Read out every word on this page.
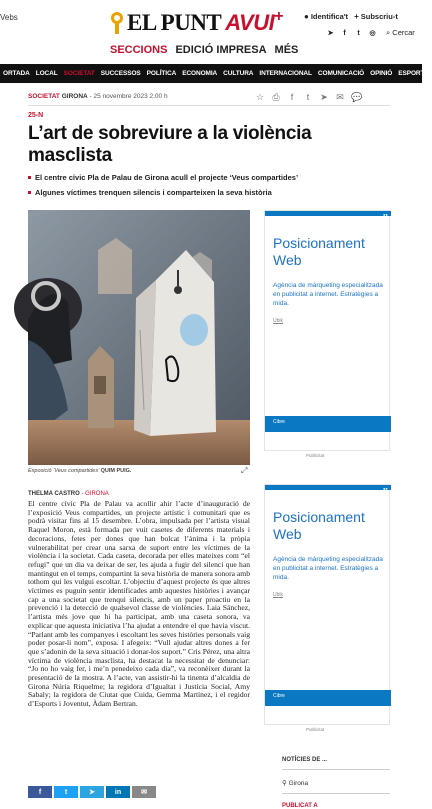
Vebs	EL PUNT AVUI +	● Identifica't + Subscriu-t
➤	f	t	◎ ⌕ Cercar
SECCIONS EDICIÓ IMPRESA MÉS
ORTADA LOCAL SOCIETAT SUCCESSOS POLÍTICA ECONOMIA CULTURA INTERNACIONAL COMUNICACIÓ OPINIÓ ESPORTS
SOCIETAT GIRONA - 25 novembre 2023 2.00 h	☆ ⎙	f	t	➤ ✉ 💬
25-N
L’art de sobreviure a la violència masclista
El centre cívic Pla de Palau de Girona acull el projecte ‘Veus compartides’
Algunes víctimes trenquen silencis i comparteixen la seva història
Exposició ‘Veus compartides’ QUIM PUIG.	⤢
THELMA CASTRO - GIRONA
El centre cívic Pla de Palau va acollir ahir l’acte d’inauguració de l’exposició Veus compartides, un projecte artístic i comunitari que es podrà visitar fins al 15 desembre. L’obra, impulsada per l’artista visual Raquel Moron, està formada per vuit casetes de diferents materials i decoracions, fetes per dones que han bolcat l’ànima i la pròpia vulnerabilitat per crear una sarxa de suport entre les víctimes de la violència i la societat. Cada caseta, decorada per elles mateixes com “el refugi” que un dia va deixar de ser, les ajuda a fugir del silenci que han mantingut en el temps, compartint la seva història de manera sonora amb tothom qui les vulgui escoltar. L’objectiu d’aquest projecte és que altres víctimes es puguin sentir identificades amb aquestes històries i avançar cap a una societat que trenqui silencis, amb un paper proactiu en la prevenció i la detecció de qualsevol classe de violències. Laia Sánchez, l’artista més jove que hi ha participat, amb una caseta sonora, va explicar que aquesta iniciativa l’ha ajudat a entendre el que havia viscut. “Parlant amb les companyes i escoltant les seves històries personals vaig poder posar-li nom”, exposa. I afegeix: “Vull ajudar altres dones a fer que s’adonin de la seva situació i donar-los suport.” Cris Pérez, una altra víctima de violència masclista, ha destacat la necessitat de denunciar: “Jo no ho vaig fer, i me’n penedeixo cada dia”, va reconèixer durant la presentació de la mostra. A l’acte, van assistir-hi la tinenta d’alcaldia de Girona Núria Riquelme; la regidora d’Igualtat i Justícia Social, Amy Sabaly; la regidora de Ciutat que Cuida, Gemma Martínez, i el regidor d’Esports i Joventut, Àdam Bertran.
f	t	➤	in	✉
●●
Posicionament Web
Agència de màrqueting especialitzada en publicitat a internet. Estratègies a mida.
Ubik
Cibre
Publicitat
●●
Posicionament Web
Agència de màrqueting especialitzada en publicitat a internet. Estratègies a mida.
Ubik
Cibre
Publicitat
NOTÍCIES DE ...
⚲ Girona
PUBLICAT A
